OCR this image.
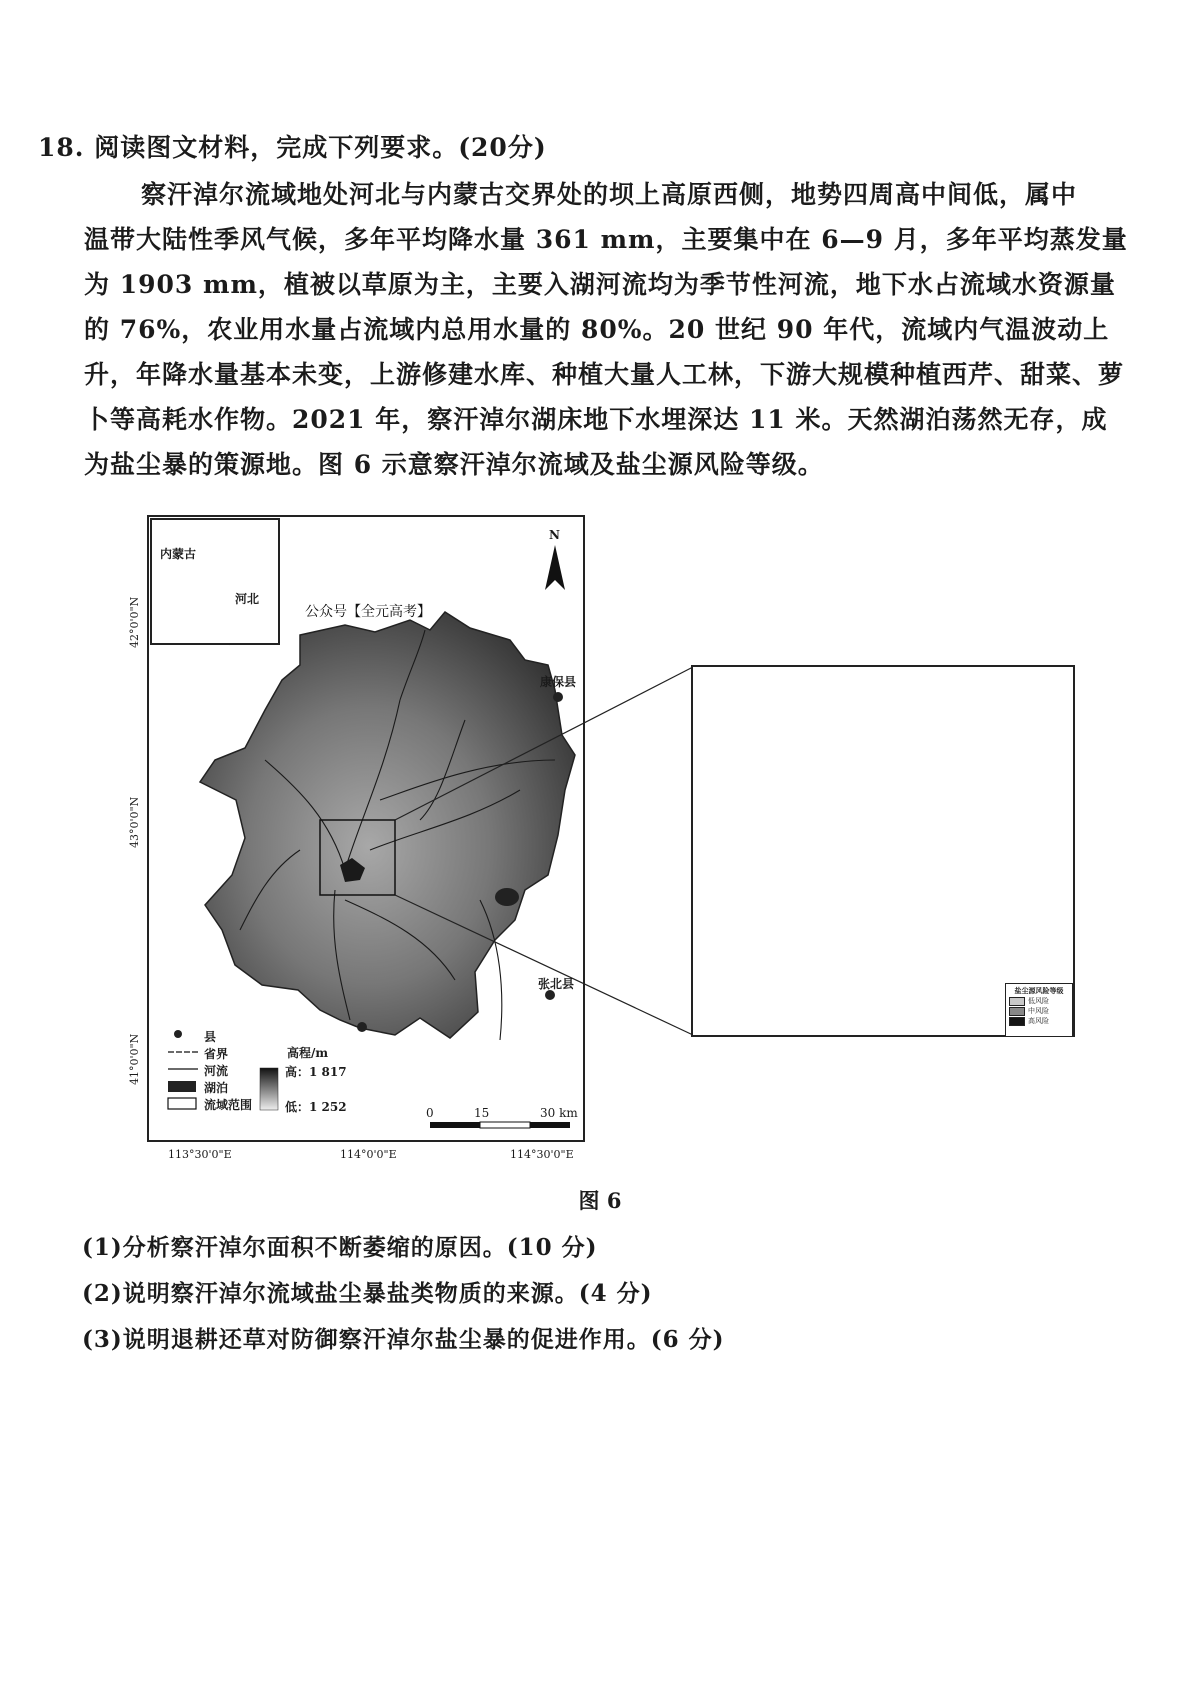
18. 阅读图文材料，完成下列要求。(20分)
察汗淖尔流域地处河北与内蒙古交界处的坝上高原西侧，地势四周高中间低，属中
温带大陆性季风气候，多年平均降水量 361 mm，主要集中在 6—9 月，多年平均蒸发量
为 1903 mm，植被以草原为主，主要入湖河流均为季节性河流，地下水占流域水资源量
的 76%，农业用水量占流域内总用水量的 80%。20 世纪 90 年代，流域内气温波动上
升，年降水量基本未变，上游修建水库、种植大量人工林，下游大规模种植西芹、甜菜、萝
卜等高耗水作物。2021 年，察汗淖尔湖床地下水埋深达 11 米。天然湖泊荡然无存，成
为盐尘暴的策源地。图 6 示意察汗淖尔流域及盐尘源风险等级。
内蒙古
河北
N
公众号【全元高考】
康保县
张北县
42°0'0"N
43°0'0"N
41°0'0"N
113°30'0"E	114°0'0"E	114°30'0"E
县
省界
河流
湖泊
流域范围
高程/m
高：1 817
低：1 252	0	15	30 km
盐尘源风险等级
低风险
中风险
高风险
图 6
(1)分析察汗淖尔面积不断萎缩的原因。(10 分)
(2)说明察汗淖尔流域盐尘暴盐类物质的来源。(4 分)
(3)说明退耕还草对防御察汗淖尔盐尘暴的促进作用。(6 分)
